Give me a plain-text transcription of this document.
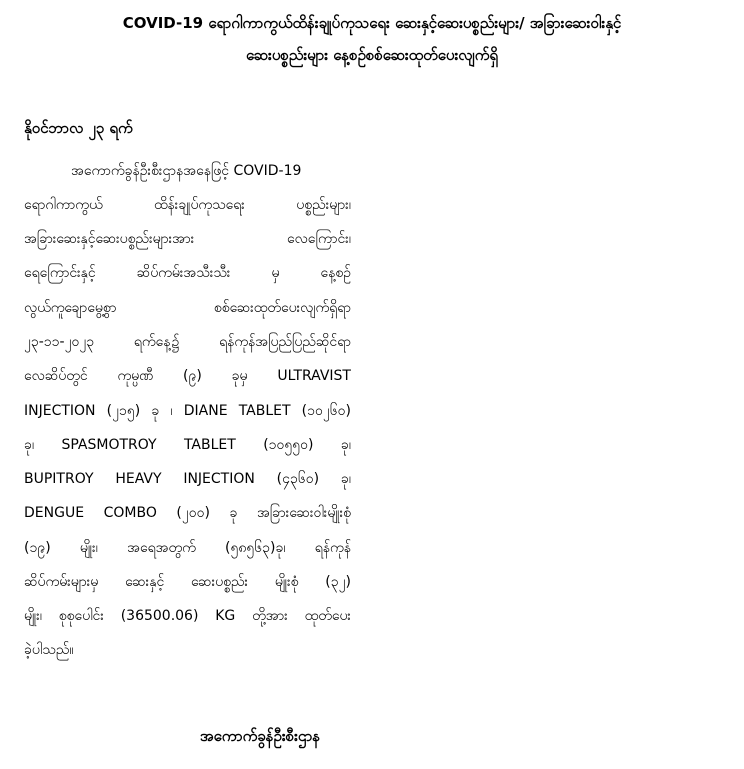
COVID-19 ရောဂါကာကွယ်ထိန်းချုပ်ကုသရေး ဆေးနှင့်ဆေးပစ္စည်းများ/ အခြားဆေးဝါးနှင့်
ဆေးပစ္စည်းများ နေ့စဉ်စစ်ဆေးထုတ်ပေးလျက်ရှိ
နိုဝင်ဘာလ ၂၃ ရက်
အကောက်ခွန်ဦးစီးဌာနအနေဖြင့် COVID-19
ရောဂါကာကွယ် ထိန်းချုပ်ကုသရေး ပစ္စည်းများ၊
အခြားဆေးနှင့်ဆေးပစ္စည်းများအား လေကြောင်း၊
ရေကြောင်းနှင့် ဆိပ်ကမ်းအသီးသီး မှ နေ့စဉ်
လွယ်ကူချောမွေ့စွာ စစ်ဆေးထုတ်ပေးလျက်ရှိရာ
၂၃-၁၁-၂၀၂၃ ရက်နေ့၌ ရန်ကုန်အပြည်ပြည်ဆိုင်ရာ
လေဆိပ်တွင် ကုမ္ပဏီ (၉) ခုမှ ULTRAVIST
INJECTION (၂၁၅) ခု ၊ DIANE TABLET (၁၀၂၆၀)
ခု၊ SPASMOTROY TABLET (၁၀၅၅၀) ခု၊
BUPITROY HEAVY INJECTION (၄၃၆၀) ခု၊
DENGUE COMBO (၂၀၀) ခု အခြားဆေးဝါးမျိုးစုံ
(၁၉) မျိုး၊ အရေအတွက် (၅၈၅၆၃)ခု၊ ရန်ကုန်
ဆိပ်ကမ်းများမှ ဆေးနှင့် ဆေးပစ္စည်း မျိုးစုံ (၃၂)
မျိုး၊ စုစုပေါင်း (36500.06) KG တို့အား ထုတ်ပေး
ခဲ့ပါသည်။
အကောက်ခွန်ဦးစီးဌာန
